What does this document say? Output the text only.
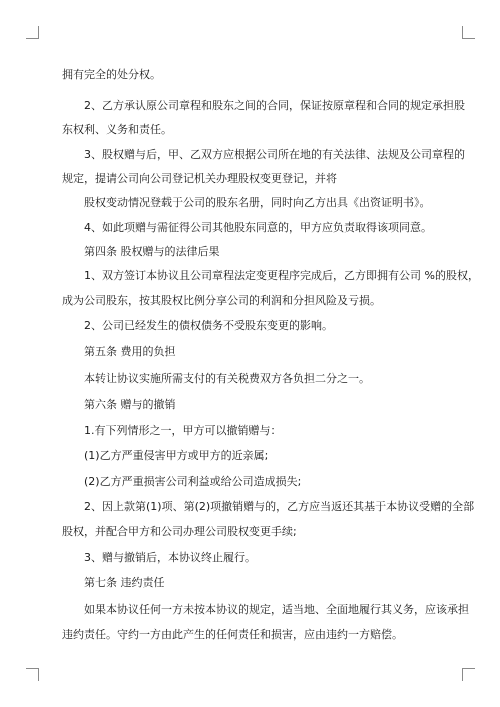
拥有完全的处分权。
2、乙方承认原公司章程和股东之间的合同，保证按原章程和合同的规定承担股
东权利、义务和责任。
3、股权赠与后，甲、乙双方应根据公司所在地的有关法律、法规及公司章程的
规定，提请公司向公司登记机关办理股权变更登记，并将
股权变动情况登载于公司的股东名册，同时向乙方出具《出资证明书》。
4、如此项赠与需征得公司其他股东同意的，甲方应负责取得该项同意。
第四条 股权赠与的法律后果
1、双方签订本协议且公司章程法定变更程序完成后，乙方即拥有公司 %的股权，
成为公司股东，按其股权比例分享公司的利润和分担风险及亏损。
2、公司已经发生的债权债务不受股东变更的影响。
第五条 费用的负担
本转让协议实施所需支付的有关税费双方各负担二分之一。
第六条 赠与的撤销
1.有下列情形之一，甲方可以撤销赠与：
(1)乙方严重侵害甲方或甲方的近亲属;
(2)乙方严重损害公司利益或给公司造成损失;
2、因上款第(1)项、第(2)项撤销赠与的，乙方应当返还其基于本协议受赠的全部
股权，并配合甲方和公司办理公司股权变更手续;
3、赠与撤销后，本协议终止履行。
第七条 违约责任
如果本协议任何一方未按本协议的规定，适当地、全面地履行其义务，应该承担
违约责任。守约一方由此产生的任何责任和损害，应由违约一方赔偿。
